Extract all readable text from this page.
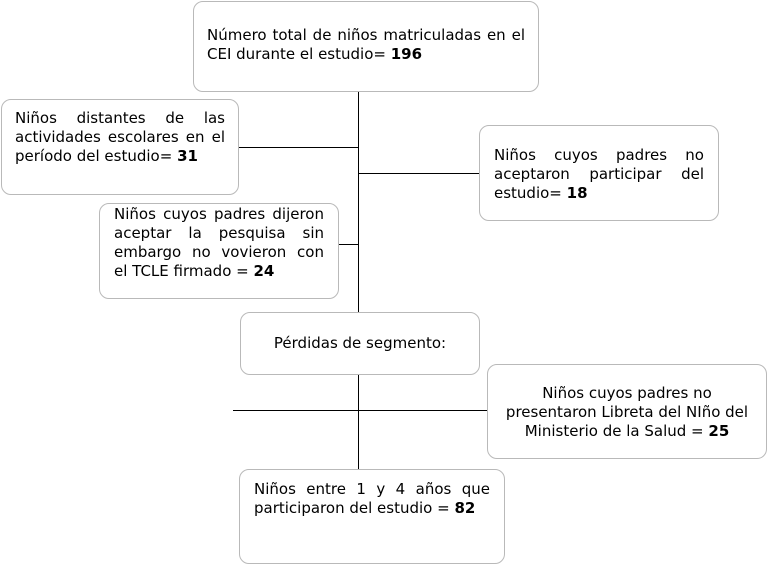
Número total de niños matriculadas en el CEI durante el estudio= 196
Niños distantes de las actividades escolares en el período del estudio= 31	Niños cuyos padres no aceptaron participar del estudio= 18
Niños cuyos padres dijeron aceptar la pesquisa sin embargo no vovieron con el TCLE firmado = 24
Pérdidas de segmento:
Niños cuyos padres no presentaron Libreta del NIño del Ministerio de la Salud = 25
Niños entre 1 y 4 años que participaron del estudio = 82
